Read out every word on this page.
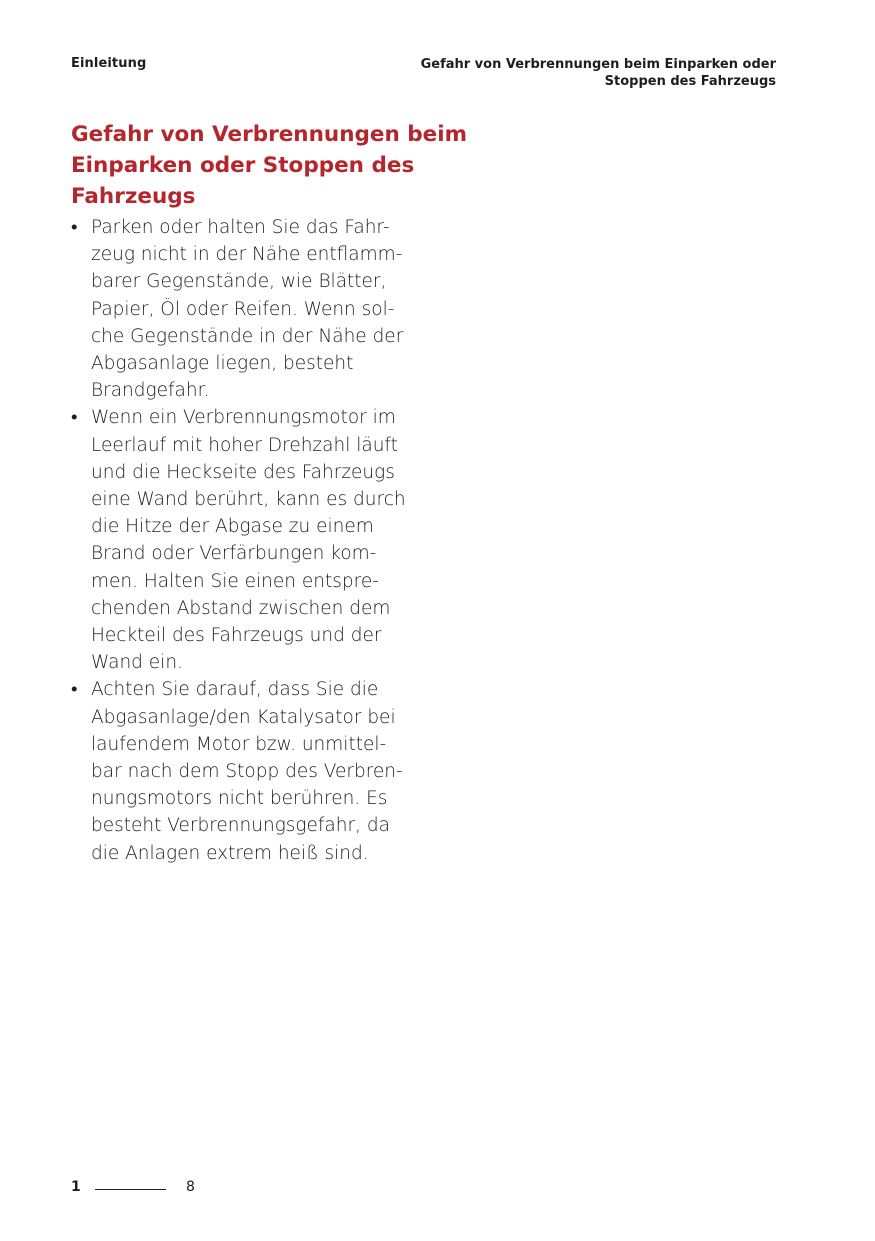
Einleitung	Gefahr von Verbrennungen beim Einparken oder
Stoppen des Fahrzeugs
Gefahr von Verbrennungen beim
Einparken oder Stoppen des
Fahrzeugs
• Parken oder halten Sie das Fahr-
zeug nicht in der Nähe entflamm-
barer Gegenstände, wie Blätter,
Papier, Öl oder Reifen. Wenn sol-
che Gegenstände in der Nähe der
Abgasanlage liegen, besteht
Brandgefahr.
• Wenn ein Verbrennungsmotor im
Leerlauf mit hoher Drehzahl läuft
und die Heckseite des Fahrzeugs
eine Wand berührt, kann es durch
die Hitze der Abgase zu einem
Brand oder Verfärbungen kom-
men. Halten Sie einen entspre-
chenden Abstand zwischen dem
Heckteil des Fahrzeugs und der
Wand ein.
• Achten Sie darauf, dass Sie die
Abgasanlage/den Katalysator bei
laufendem Motor bzw. unmittel-
bar nach dem Stopp des Verbren-
nungsmotors nicht berühren. Es
besteht Verbrennungsgefahr, da
die Anlagen extrem heiß sind.
1	8
